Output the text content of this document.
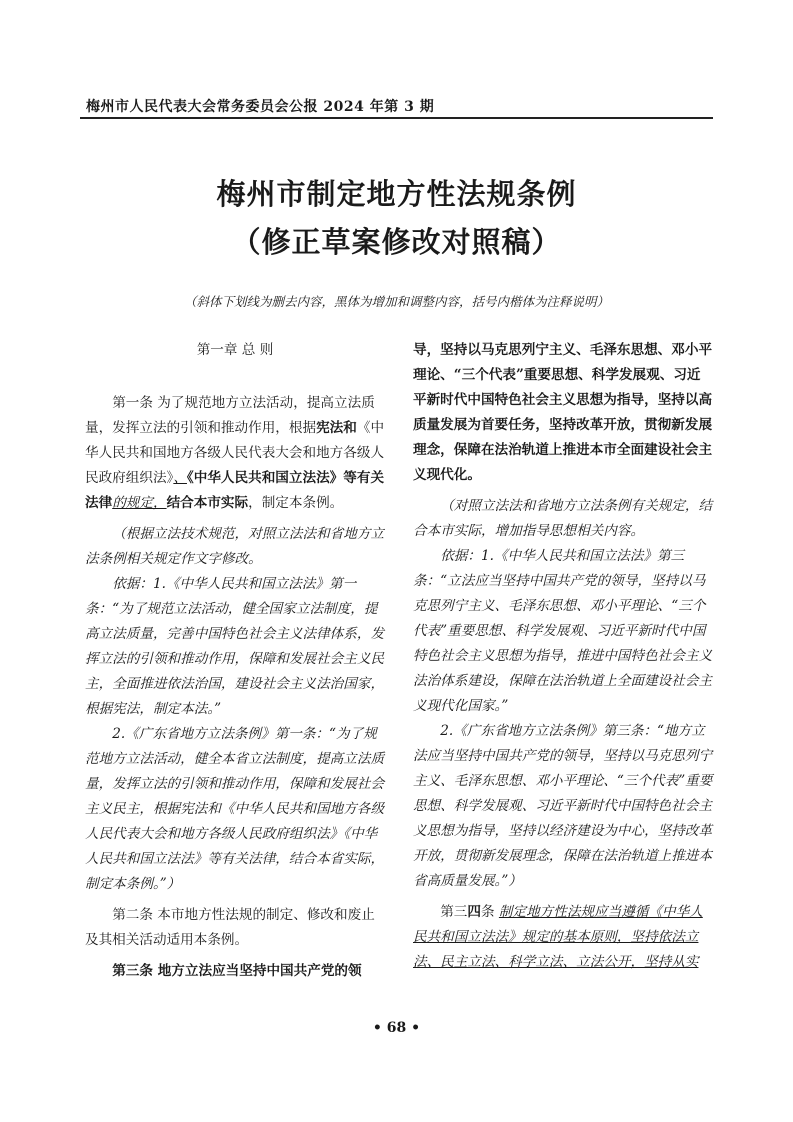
梅州市人民代表大会常务委员会公报 2024 年第 3 期
梅州市制定地方性法规条例
（修正草案修改对照稿）
（斜体下划线为删去内容，黑体为增加和调整内容，括号内楷体为注释说明）

第一章 总 则

第一条 为了规范地方立法活动，提高立法质量，发挥立法的引领和推动作用，根据宪法和《中华人民共和国地方各级人民代表大会和地方各级人民政府组织法》、《中华人民共和国立法法》等有关法律的规定，结合本市实际，制定本条例。

（根据立法技术规范，对照立法法和省地方立法条例相关规定作文字修改。

依据：1.《中华人民共和国立法法》第一条：“为了规范立法活动，健全国家立法制度，提高立法质量，完善中国特色社会主义法律体系，发挥立法的引领和推动作用，保障和发展社会主义民主，全面推进依法治国，建设社会主义法治国家，根据宪法，制定本法。”

2.《广东省地方立法条例》第一条：“为了规范地方立法活动，健全本省立法制度，提高立法质量，发挥立法的引领和推动作用，保障和发展社会主义民主，根据宪法和《中华人民共和国地方各级人民代表大会和地方各级人民政府组织法》《中华人民共和国立法法》等有关法律，结合本省实际，制定本条例。”）

第二条 本市地方性法规的制定、修改和废止及其相关活动适用本条例。

第三条 地方立法应当坚持中国共产党的领

导，坚持以马克思列宁主义、毛泽东思想、邓小平理论、“三个代表”重要思想、科学发展观、习近平新时代中国特色社会主义思想为指导，坚持以高质量发展为首要任务，坚持改革开放，贯彻新发展理念，保障在法治轨道上推进本市全面建设社会主义现代化。

（对照立法法和省地方立法条例有关规定，结合本市实际，增加指导思想相关内容。

依据：1.《中华人民共和国立法法》第三条：“立法应当坚持中国共产党的领导，坚持以马克思列宁主义、毛泽东思想、邓小平理论、“三个代表”重要思想、科学发展观、习近平新时代中国特色社会主义思想为指导，推进中国特色社会主义法治体系建设，保障在法治轨道上全面建设社会主义现代化国家。”

2.《广东省地方立法条例》第三条：“地方立法应当坚持中国共产党的领导，坚持以马克思列宁主义、毛泽东思想、邓小平理论、“三个代表”重要思想、科学发展观、习近平新时代中国特色社会主义思想为指导，坚持以经济建设为中心，坚持改革开放，贯彻新发展理念，保障在法治轨道上推进本省高质量发展。”）

第三四条 制定地方性法规应当遵循《中华人民共和国立法法》规定的基本原则，坚持依法立法、民主立法、科学立法、立法公开，坚持从实

• 68 •
